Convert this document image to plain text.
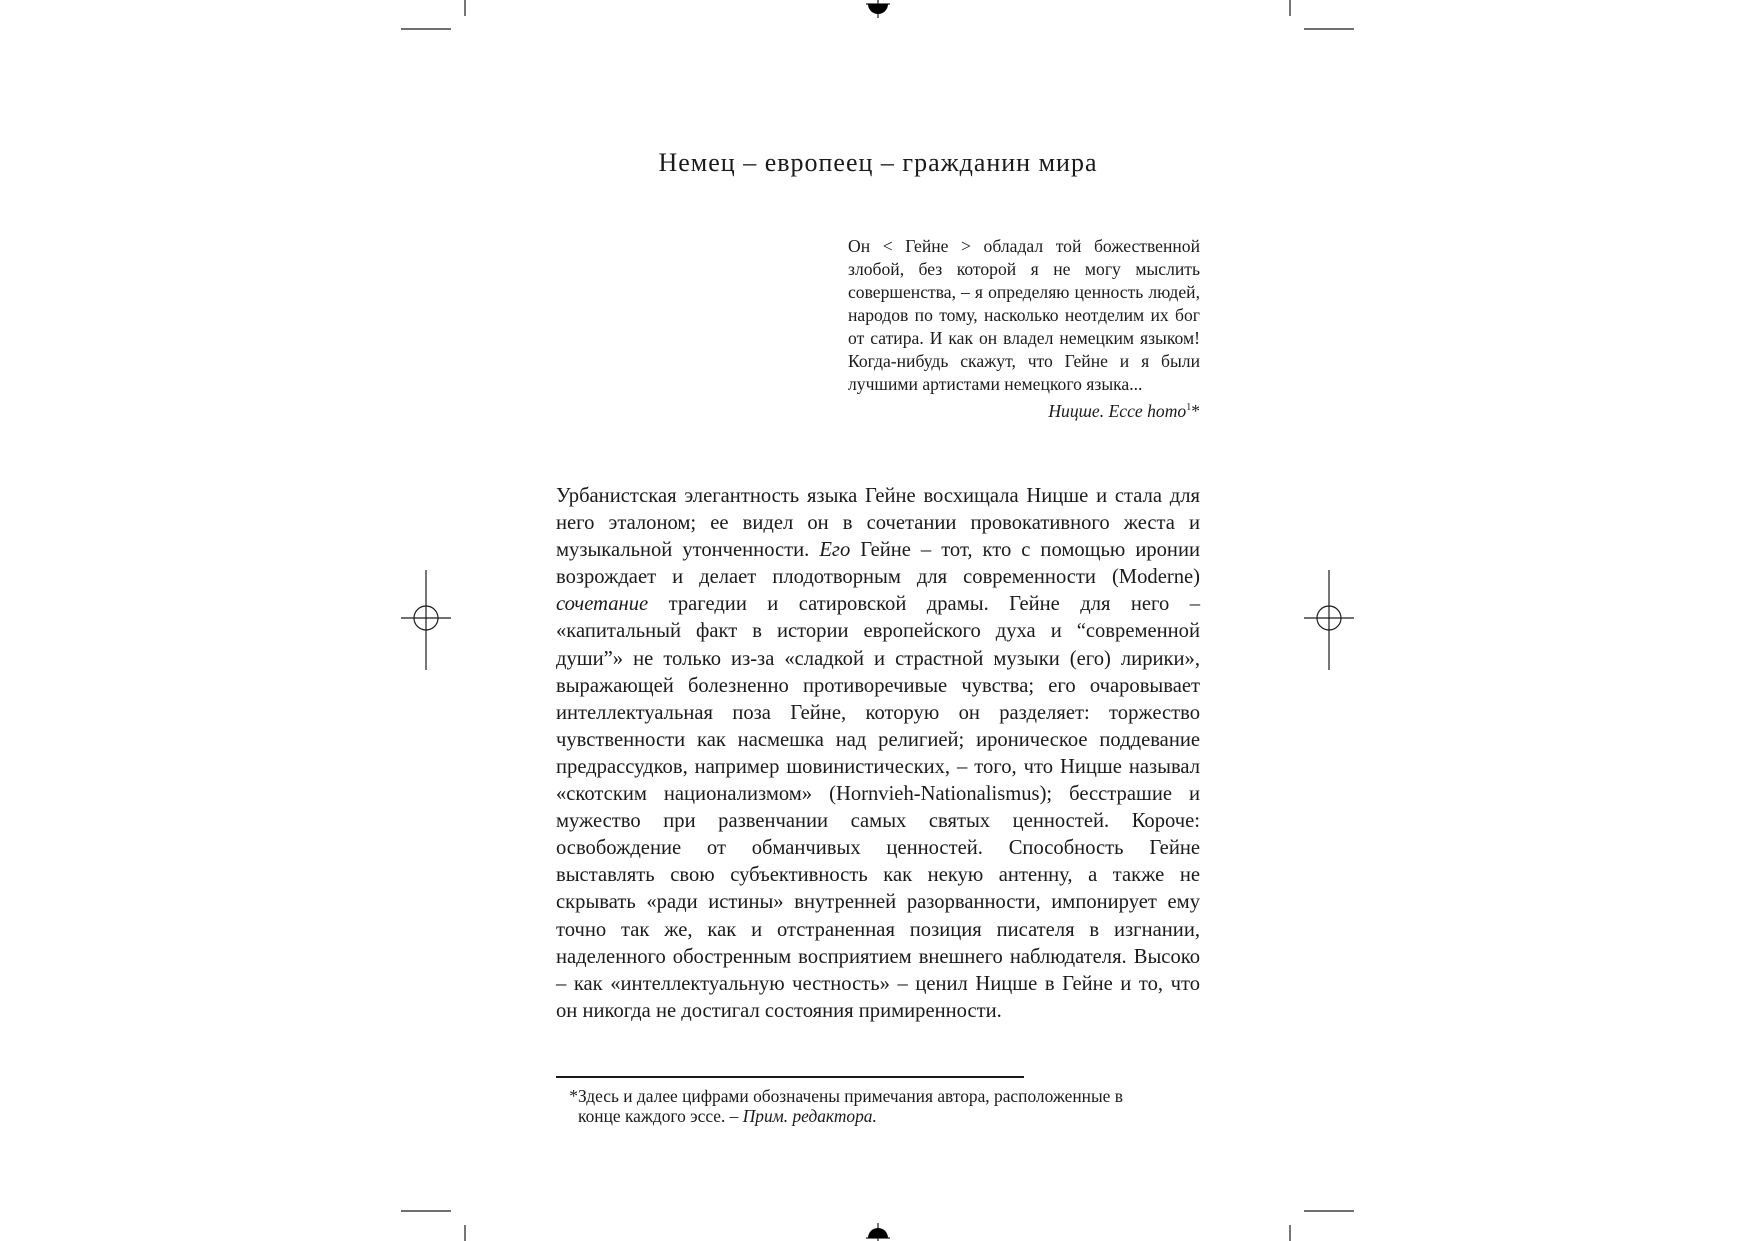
Немец – европеец – гражданин мира

Он < Гейне > обладал той божественной злобой, без которой я не могу мыслить совершенства, – я определяю ценность людей, народов по тому, насколько неотделим их бог от сатира. И как он владел немецким языком! Когда-нибудь скажут, что Гейне и я были лучшими артистами немецкого языка...

Ницше. Ecce homo$^1$*

Урбанистская элегантность языка Гейне восхищала Ницше и стала для него эталоном; ее видел он в сочетании провокативного жеста и музыкальной утонченности. Его Гейне – тот, кто с помощью иронии возрождает и делает плодотворным для современности (Moderne) сочетание трагедии и сатировской драмы. Гейне для него – «капитальный факт в истории европейского духа и “современной души”» не только из-за «сладкой и страстной музыки (его) лирики», выражающей болезненно противоречивые чувства; его очаровывает интеллектуальная поза Гейне, которую он разделяет: торжество чувственности как насмешка над религией; ироническое поддевание предрассудков, например шовинистических, – того, что Ницше называл «скотским национализмом» (Hornvieh-Nationalismus); бесстрашие и мужество при развенчании самых святых ценностей. Короче: освобождение от обманчивых ценностей. Способность Гейне выставлять свою субъективность как некую антенну, а также не скрывать «ради истины» внутренней разорванности, импонирует ему точно так же, как и отстраненная позиция писателя в изгнании, наделенного обостренным восприятием внешнего наблюдателя. Высоко – как «интеллектуальную честность» – ценил Ницше в Гейне и то, что он никогда не достигал состояния примиренности.

*Здесь и далее цифрами обозначены примечания автора, расположенные в
конце каждого эссе. – Прим. редактора.
